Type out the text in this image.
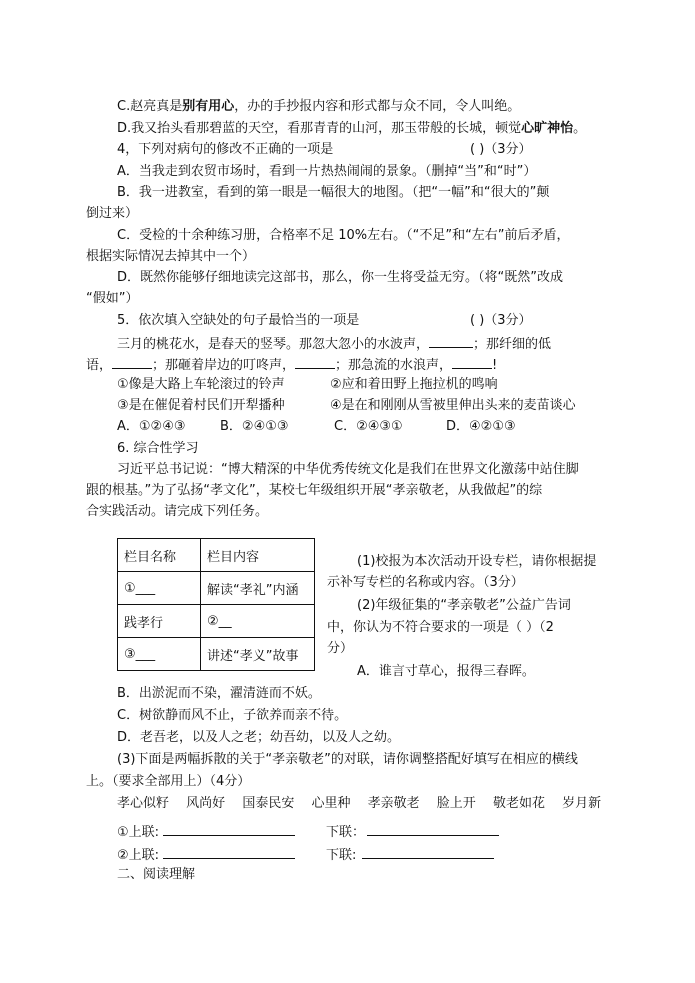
C.赵亮真是别有用心，办的手抄报内容和形式都与众不同，令人叫绝。
D.我又抬头看那碧蓝的天空，看那青青的山河，那玉带般的长城，顿觉心旷神怡。
4，下列对病句的修改不正确的一项是	( )（3分）
A．当我走到农贸市场时，看到一片热热闹闹的景象。（删掉“当”和“时”）
B．我一进教室，看到的第一眼是一幅很大的地图。（把“一幅”和“很大的”颠
倒过来）
C．受检的十余种练习册，合格率不足 10%左右。（“不足”和“左右”前后矛盾，
根据实际情况去掉其中一个）
D．既然你能够仔细地读完这部书，那么，你一生将受益无穷。（将“既然”改成
“假如”）
5．依次填入空缺处的句子最恰当的一项是	( )（3分）
三月的桃花水，是春天的竖琴。那忽大忽小的水波声，	；那纤细的低
语，	；那砸着岸边的叮咚声，	；那急流的水浪声，	!
①像是大路上车轮滚过的铃声	②应和着田野上拖拉机的鸣响
③是在催促着村民们开犁播种	④是在和刚刚从雪被里伸出头来的麦苗谈心
A．①②④③	B．②④①③	C．②④③①	D．④②①③
6. 综合性学习
习近平总书记说：“博大精深的中华优秀传统文化是我们在世界文化激荡中站住脚
跟的根基。”为了弘扬“孝文化”，某校七年级组织开展“孝亲敬老，从我做起”的综
合实践活动。请完成下列任务。
栏目名称	栏目内容
①___	解读“孝礼”内涵
践孝行	②__
③___	讲述“孝义”故事
(1)校报为本次活动开设专栏，请你根据提
示补写专栏的名称或内容。（3分）
(2)年级征集的“孝亲敬老”公益广告词
中，你认为不符合要求的一项是（ ）（2
分）
A．谁言寸草心，报得三春晖。
B．出淤泥而不染，濯清涟而不妖。
C．树欲静而风不止，子欲养而亲不待。
D．老吾老，以及人之老；幼吾幼，以及人之幼。
(3)下面是两幅拆散的关于“孝亲敬老”的对联，请你调整搭配好填写在相应的横线
上。（要求全部用上）（4分）
孝心似籽  风尚好  国泰民安  心里种  孝亲敬老  脸上开  敬老如花  岁月新
①上联:	下联：
②上联:	下联:
二、阅读理解
